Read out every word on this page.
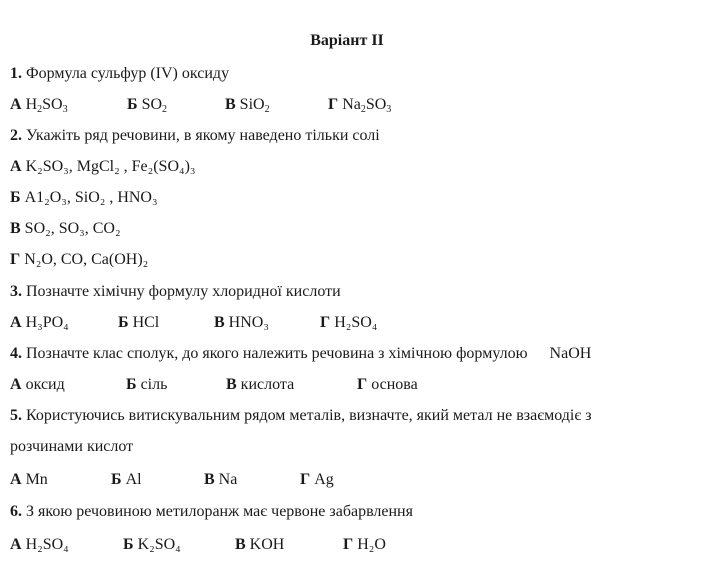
Варіант ІІ
1. Формула сульфур (IV) оксиду
А $H_2SO_3$	Б $SO_2$	В SiO$_2$	Г $Na_2SO_3$
2. Укажіть ряд речовини, в якому наведено тільки солі
А K₂SO₃, MgCl₂ , Fe₂(SO₄)₃
Б A1₂O₃, SiO₂ , HNO₃
В SO₂, SO₃, CO₂
Г N₂O, CO, Ca(OH)₂
3. Позначте хімічну формулу хлоридної кислоти
А H₃PO₄	Б HCl	В HNO₃	Г H₂SO₄
4. Позначте клас сполук, до якого належить речовина з хімічною формулою NaOH
А оксид	Б сіль	В кислота	Г основа
5. Користуючись витискувальним рядом металів, визначте, який метал не взаємодіє з
розчинами кислот
А Mn	Б Al	В Na	Г Ag
6. З якою речовиною метилоранж має червоне забарвлення
А H₂SO₄	Б K₂SO₄	В KOH	Г H₂O
